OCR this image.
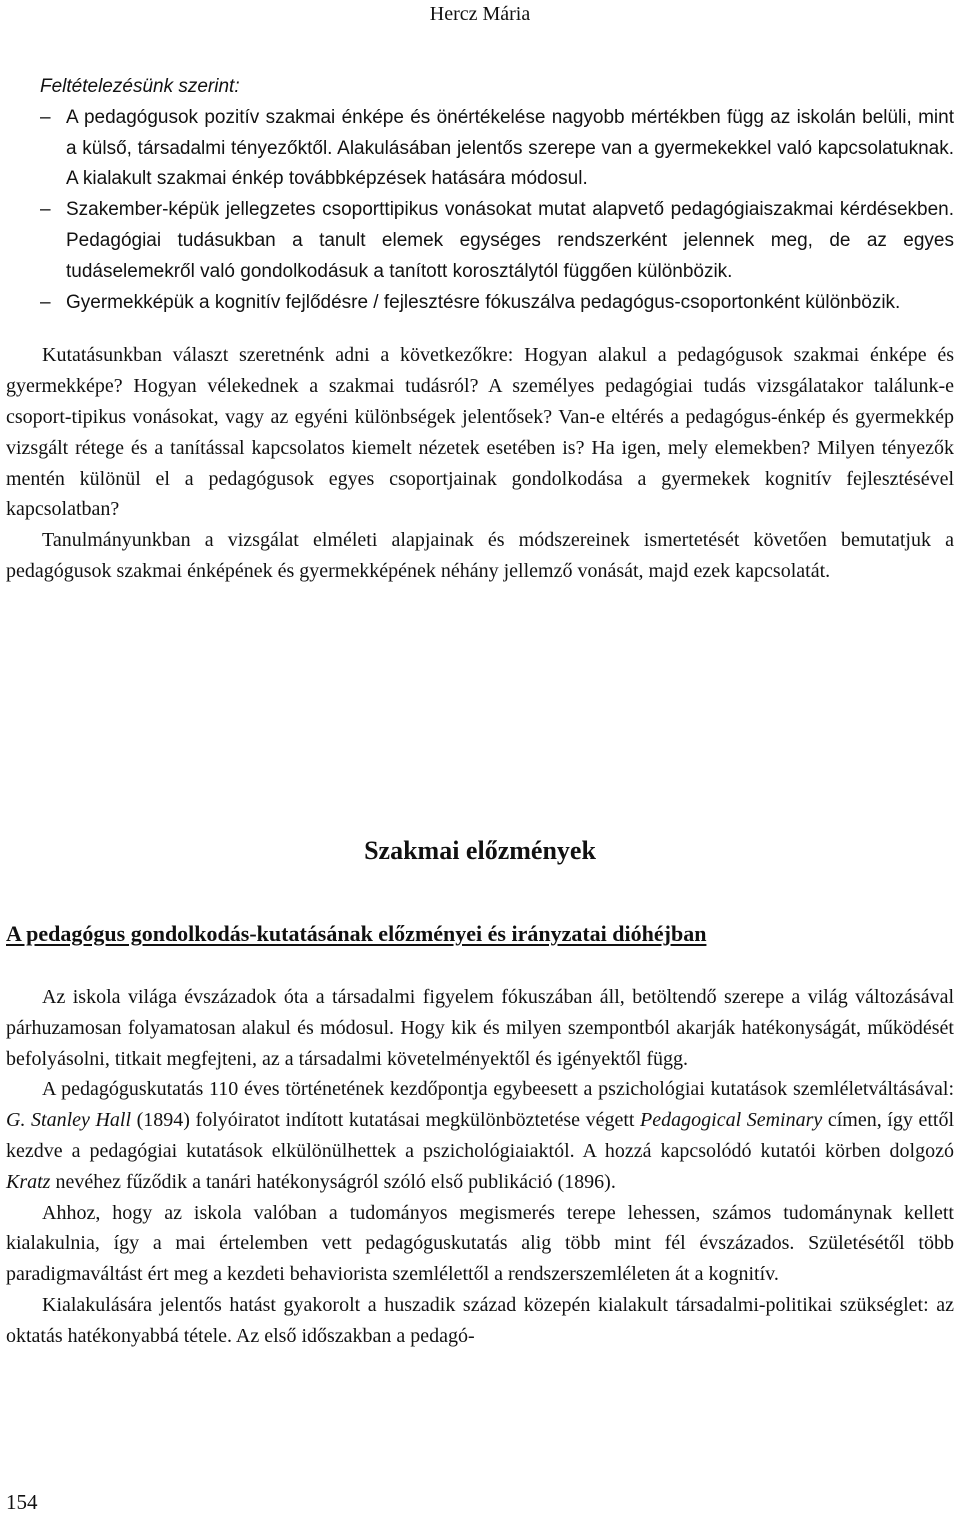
Hercz Mária

Feltételezésünk szerint:

– A pedagógusok pozitív szakmai énképe és önértékelése nagyobb mértékben függ az iskolán belüli, mint a külső, társadalmi tényezőktől. Alakulásában jelentős szerepe van a gyermekekkel való kapcsolatuknak. A kialakult szakmai énkép továbbképzések hatására módosul.
– Szakember-képük jellegzetes csoporttipikus vonásokat mutat alapvető pedagógiaiszakmai kérdésekben. Pedagógiai tudásukban a tanult elemek egységes rendszerként jelennek meg, de az egyes tudáselemekről való gondolkodásuk a tanított korosztálytól függően különbözik.
– Gyermekképük a kognitív fejlődésre / fejlesztésre fókuszálva pedagógus-csoportonként különbözik.

Kutatásunkban választ szeretnénk adni a következőkre: Hogyan alakul a pedagógusok szakmai énképe és gyermekképe? Hogyan vélekednek a szakmai tudásról? A személyes pedagógiai tudás vizsgálatakor találunk-e csoport-tipikus vonásokat, vagy az egyéni különbségek jelentősek? Van-e eltérés a pedagógus-énkép és gyermekkép vizsgált rétege és a tanítással kapcsolatos kiemelt nézetek esetében is? Ha igen, mely elemekben? Milyen tényezők mentén különül el a pedagógusok egyes csoportjainak gondolkodása a gyermekek kognitív fejlesztésével kapcsolatban?

Tanulmányunkban a vizsgálat elméleti alapjainak és módszereinek ismertetését követően bemutatjuk a pedagógusok szakmai énképének és gyermekképének néhány jellemző vonását, majd ezek kapcsolatát.

Szakmai előzmények
A pedagógus gondolkodás-kutatásának előzményei és irányzatai dióhéjban

Az iskola világa évszázadok óta a társadalmi figyelem fókuszában áll, betöltendő szerepe a világ változásával párhuzamosan folyamatosan alakul és módosul. Hogy kik és milyen szempontból akarják hatékonyságát, működését befolyásolni, titkait megfejteni, az a társadalmi követelményektől és igényektől függ.

A pedagóguskutatás 110 éves történetének kezdőpontja egybeesett a pszichológiai kutatások szemléletváltásával: G. Stanley Hall (1894) folyóiratot indított kutatásai megkülönböztetése végett Pedagogical Seminary címen, így ettől kezdve a pedagógiai kutatások elkülönülhettek a pszichológiaiaktól. A hozzá kapcsolódó kutatói körben dolgozó Kratz nevéhez fűződik a tanári hatékonyságról szóló első publikáció (1896).

Ahhoz, hogy az iskola valóban a tudományos megismerés terepe lehessen, számos tudománynak kellett kialakulnia, így a mai értelemben vett pedagóguskutatás alig több mint fél évszázados. Születésétől több paradigmaváltást ért meg a kezdeti behaviorista szemlélettől a rendszerszemléleten át a kognitív.

Kialakulására jelentős hatást gyakorolt a huszadik század közepén kialakult társadalmi-politikai szükséglet: az oktatás hatékonyabbá tétele. Az első időszakban a pedagó-

154
